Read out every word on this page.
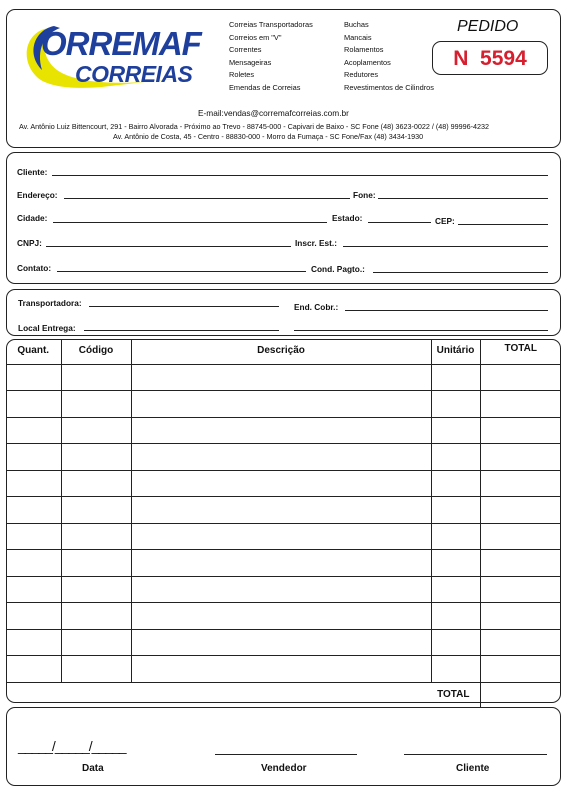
ORREMAF
CORREIAS
Correias Transportadoras
Correios em "V"
Correntes
Mensageiras
Roletes
Emendas de Correias
Buchas
Mancais
Rolamentos
Acoplamentos
Redutores
Revestimentos de Cilindros
PEDIDO
N  5594
E-mail:vendas@corremafcorreias.com.br
Av. Antônio Luiz Bittencourt, 291 - Bairro Alvorada - Próximo ao Trevo - 88745-000 - Capivari de Baixo - SC Fone (48) 3623-0022 / (48) 99996-4232
Av. Antônio de Costa, 45 - Centro - 88830-000 - Morro da Fumaça - SC Fone/Fax (48) 3434-1930
Cliente:
Endereço:	Fone:
Cidade:	Estado:	CEP:
CNPJ:	Inscr. Est.:
Contato:	Cond. Pagto.:
Transportadora:	End. Cobr.:
Local Entrega:
Quant.	Código	Descrição	Unitário	TOTAL

TOTAL				
_____/_____/_____
Data	Vendedor	Cliente
